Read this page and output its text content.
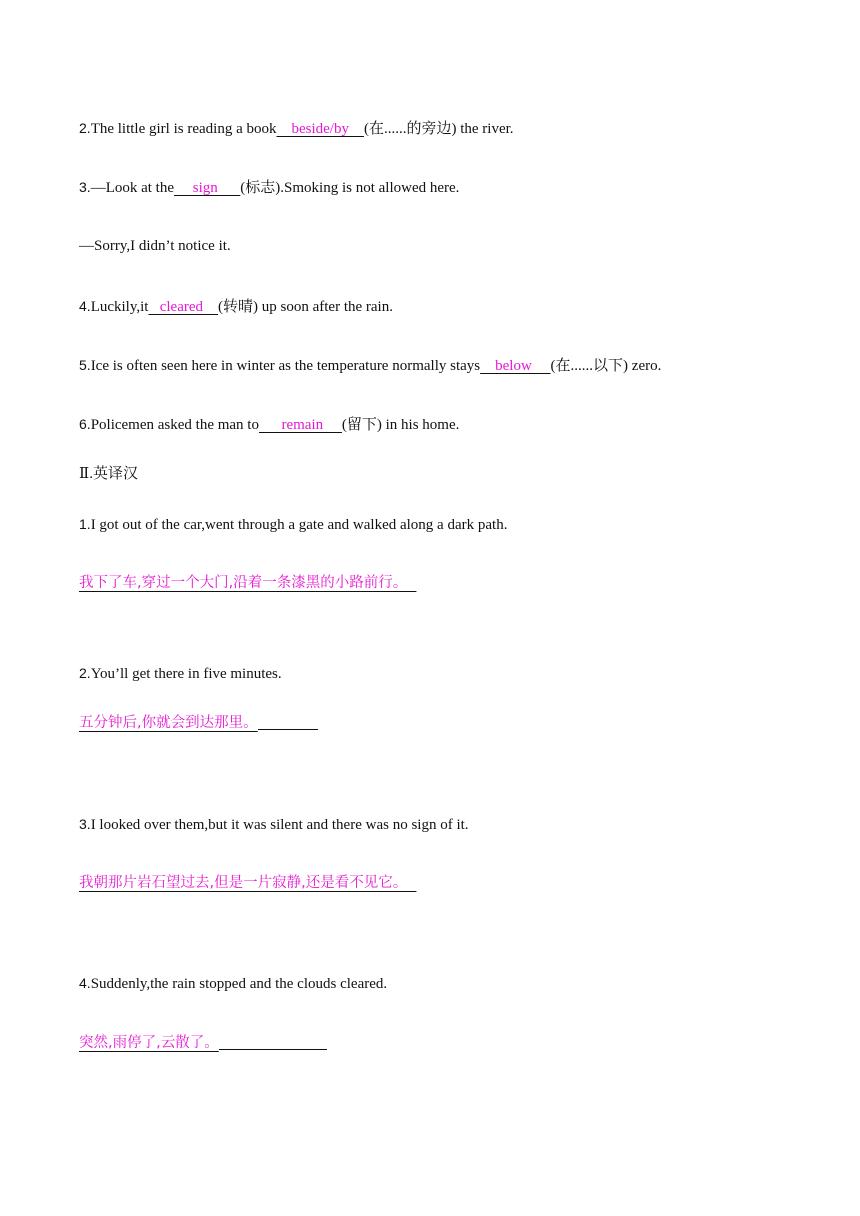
2.The little girl is reading a book    beside/by    (在......的旁边) the river.
3.—Look at the     sign      (标志).Smoking is not allowed here.
—Sorry,I didn’t notice it.
4.Luckily,it   cleared    (转晴) up soon after the rain.
5.Ice is often seen here in winter as the temperature normally stays    below     (在......以下) zero.
6.Policemen asked the man to      remain     (留下) in his home.
Ⅱ.英译汉
1.I got out of the car,went through a gate and walked along a dark path.
我下了车,穿过一个大门,沿着一条漆黑的小路前行。
2.You’ll get there in five minutes.
五分钟后,你就会到达那里。
3.I looked over them,but it was silent and there was no sign of it.
我朝那片岩石望过去,但是一片寂静,还是看不见它。
4.Suddenly,the rain stopped and the clouds cleared.
突然,雨停了,云散了。
